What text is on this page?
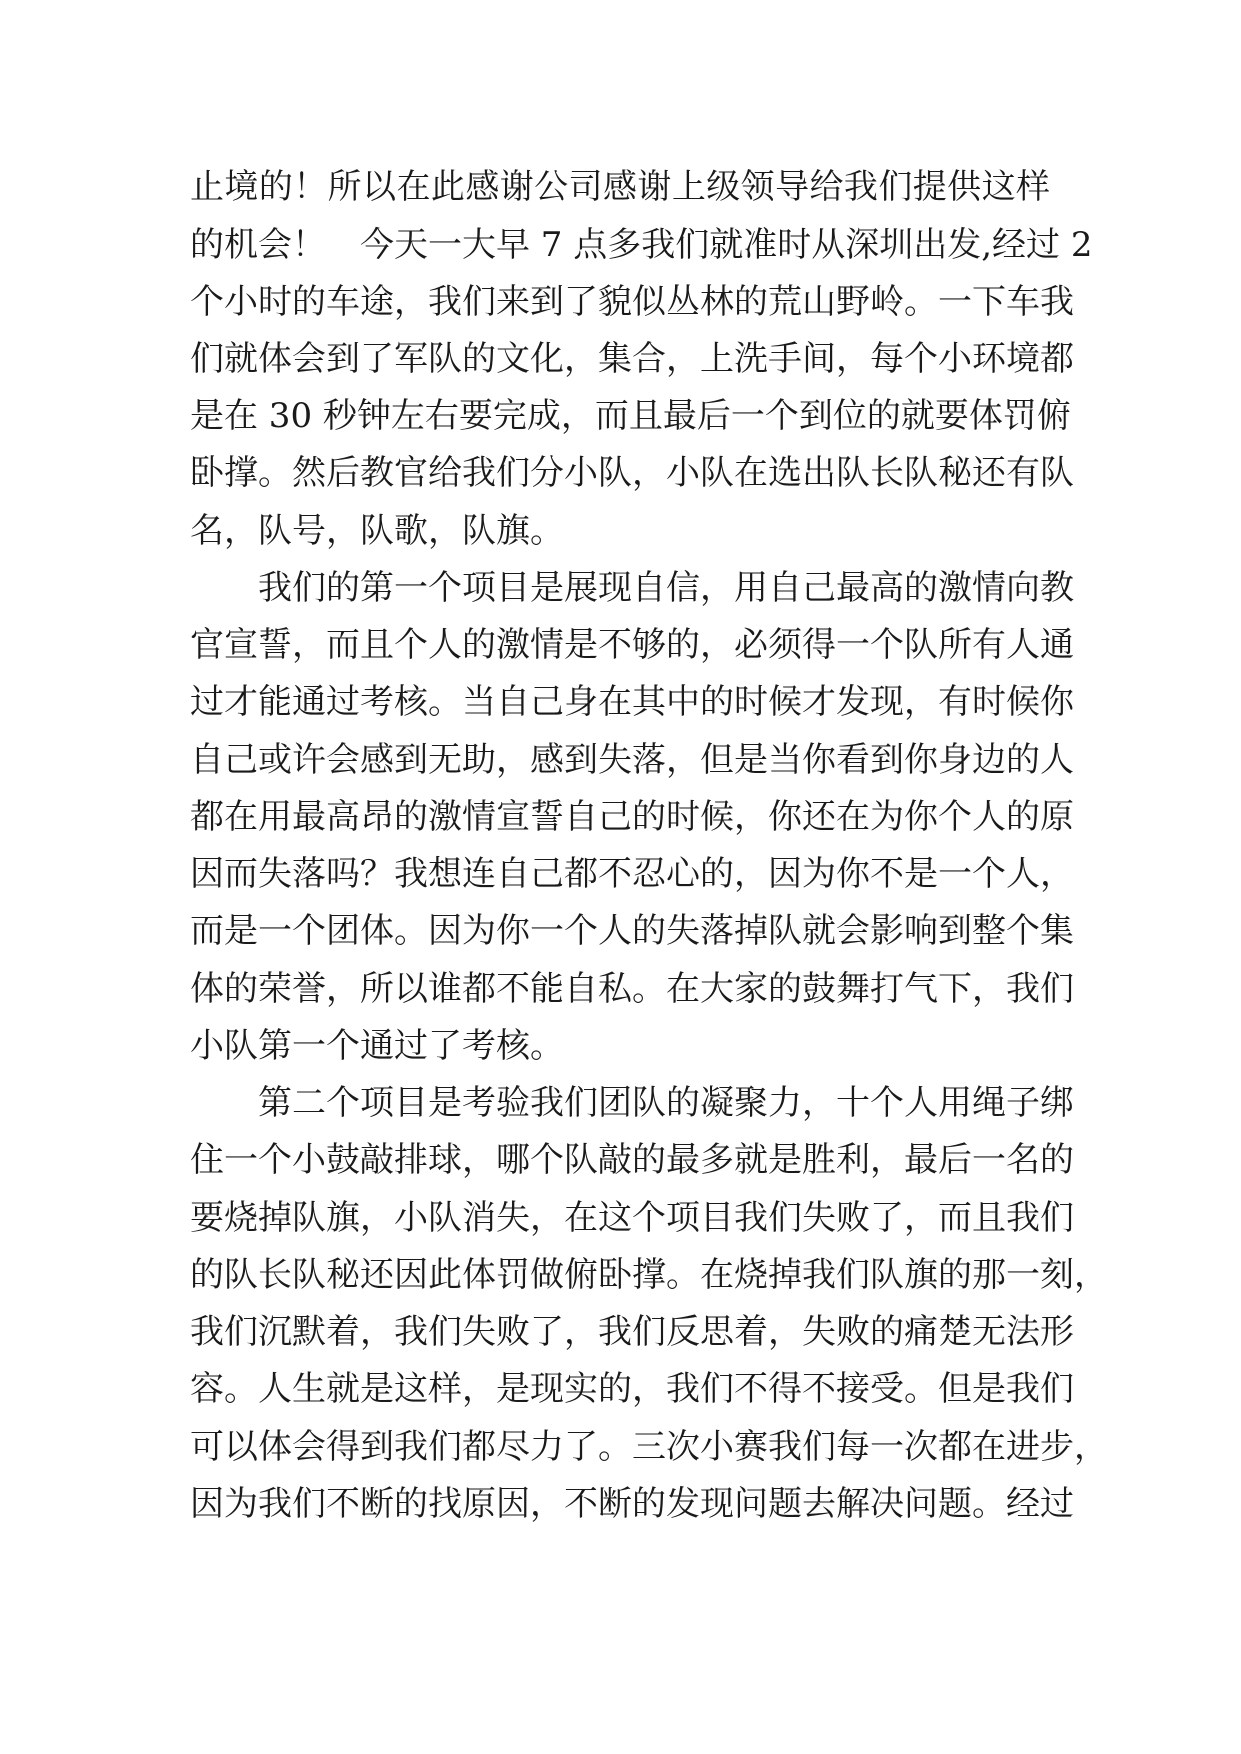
止境的！所以在此感谢公司感谢上级领导给我们提供这样
的机会！　今天一大早 7 点多我们就准时从深圳出发,经过 2
个小时的车途，我们来到了貌似丛林的荒山野岭。一下车我
们就体会到了军队的文化，集合，上洗手间，每个小环境都
是在 30 秒钟左右要完成，而且最后一个到位的就要体罚俯
卧撑。然后教官给我们分小队，小队在选出队长队秘还有队
名，队号，队歌，队旗。
我们的第一个项目是展现自信，用自己最高的激情向教
官宣誓，而且个人的激情是不够的，必须得一个队所有人通
过才能通过考核。当自己身在其中的时候才发现，有时候你
自己或许会感到无助，感到失落，但是当你看到你身边的人
都在用最高昂的激情宣誓自己的时候，你还在为你个人的原
因而失落吗？我想连自己都不忍心的，因为你不是一个人，
而是一个团体。因为你一个人的失落掉队就会影响到整个集
体的荣誉，所以谁都不能自私。在大家的鼓舞打气下，我们
小队第一个通过了考核。
第二个项目是考验我们团队的凝聚力，十个人用绳子绑
住一个小鼓敲排球，哪个队敲的最多就是胜利，最后一名的
要烧掉队旗，小队消失，在这个项目我们失败了，而且我们
的队长队秘还因此体罚做俯卧撑。在烧掉我们队旗的那一刻，
我们沉默着，我们失败了，我们反思着，失败的痛楚无法形
容。人生就是这样，是现实的，我们不得不接受。但是我们
可以体会得到我们都尽力了。三次小赛我们每一次都在进步，
因为我们不断的找原因，不断的发现问题去解决问题。经过
